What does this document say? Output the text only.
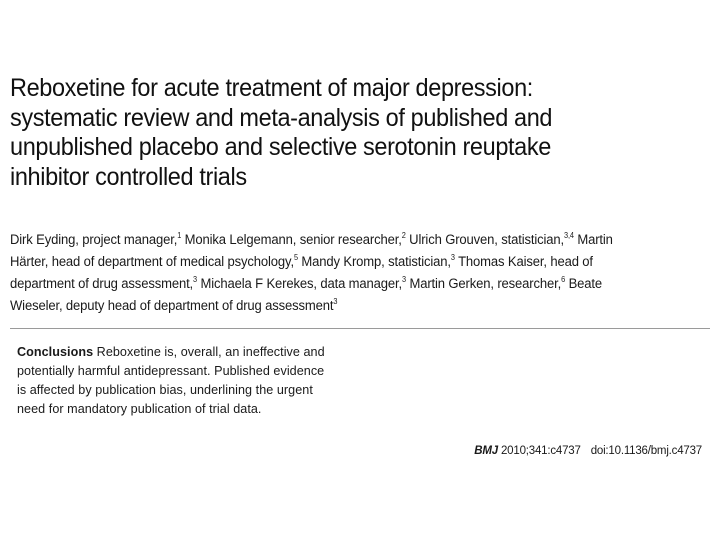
Reboxetine for acute treatment of major depression:
systematic review and meta-analysis of published and
unpublished placebo and selective serotonin reuptake
inhibitor controlled trials

Dirk Eyding, project manager,$^1$ Monika Lelgemann, senior researcher,$^2$ Ulrich Grouven, statistician,$^{3,4}$ Martin
Härter, head of department of medical psychology,$^5$ Mandy Kromp, statistician,$^3$ Thomas Kaiser, head of
department of drug assessment,$^3$ Michaela F Kerekes, data manager,$^3$ Martin Gerken, researcher,$^6$ Beate
Wieseler, deputy head of department of drug assessment$^3$

Conclusions Reboxetine is, overall, an ineffective and
potentially harmful antidepressant. Published evidence
is affected by publication bias, underlining the urgent
need for mandatory publication of trial data.

BMJ 2010;341:c4737 doi:10.1136/bmj.c4737
